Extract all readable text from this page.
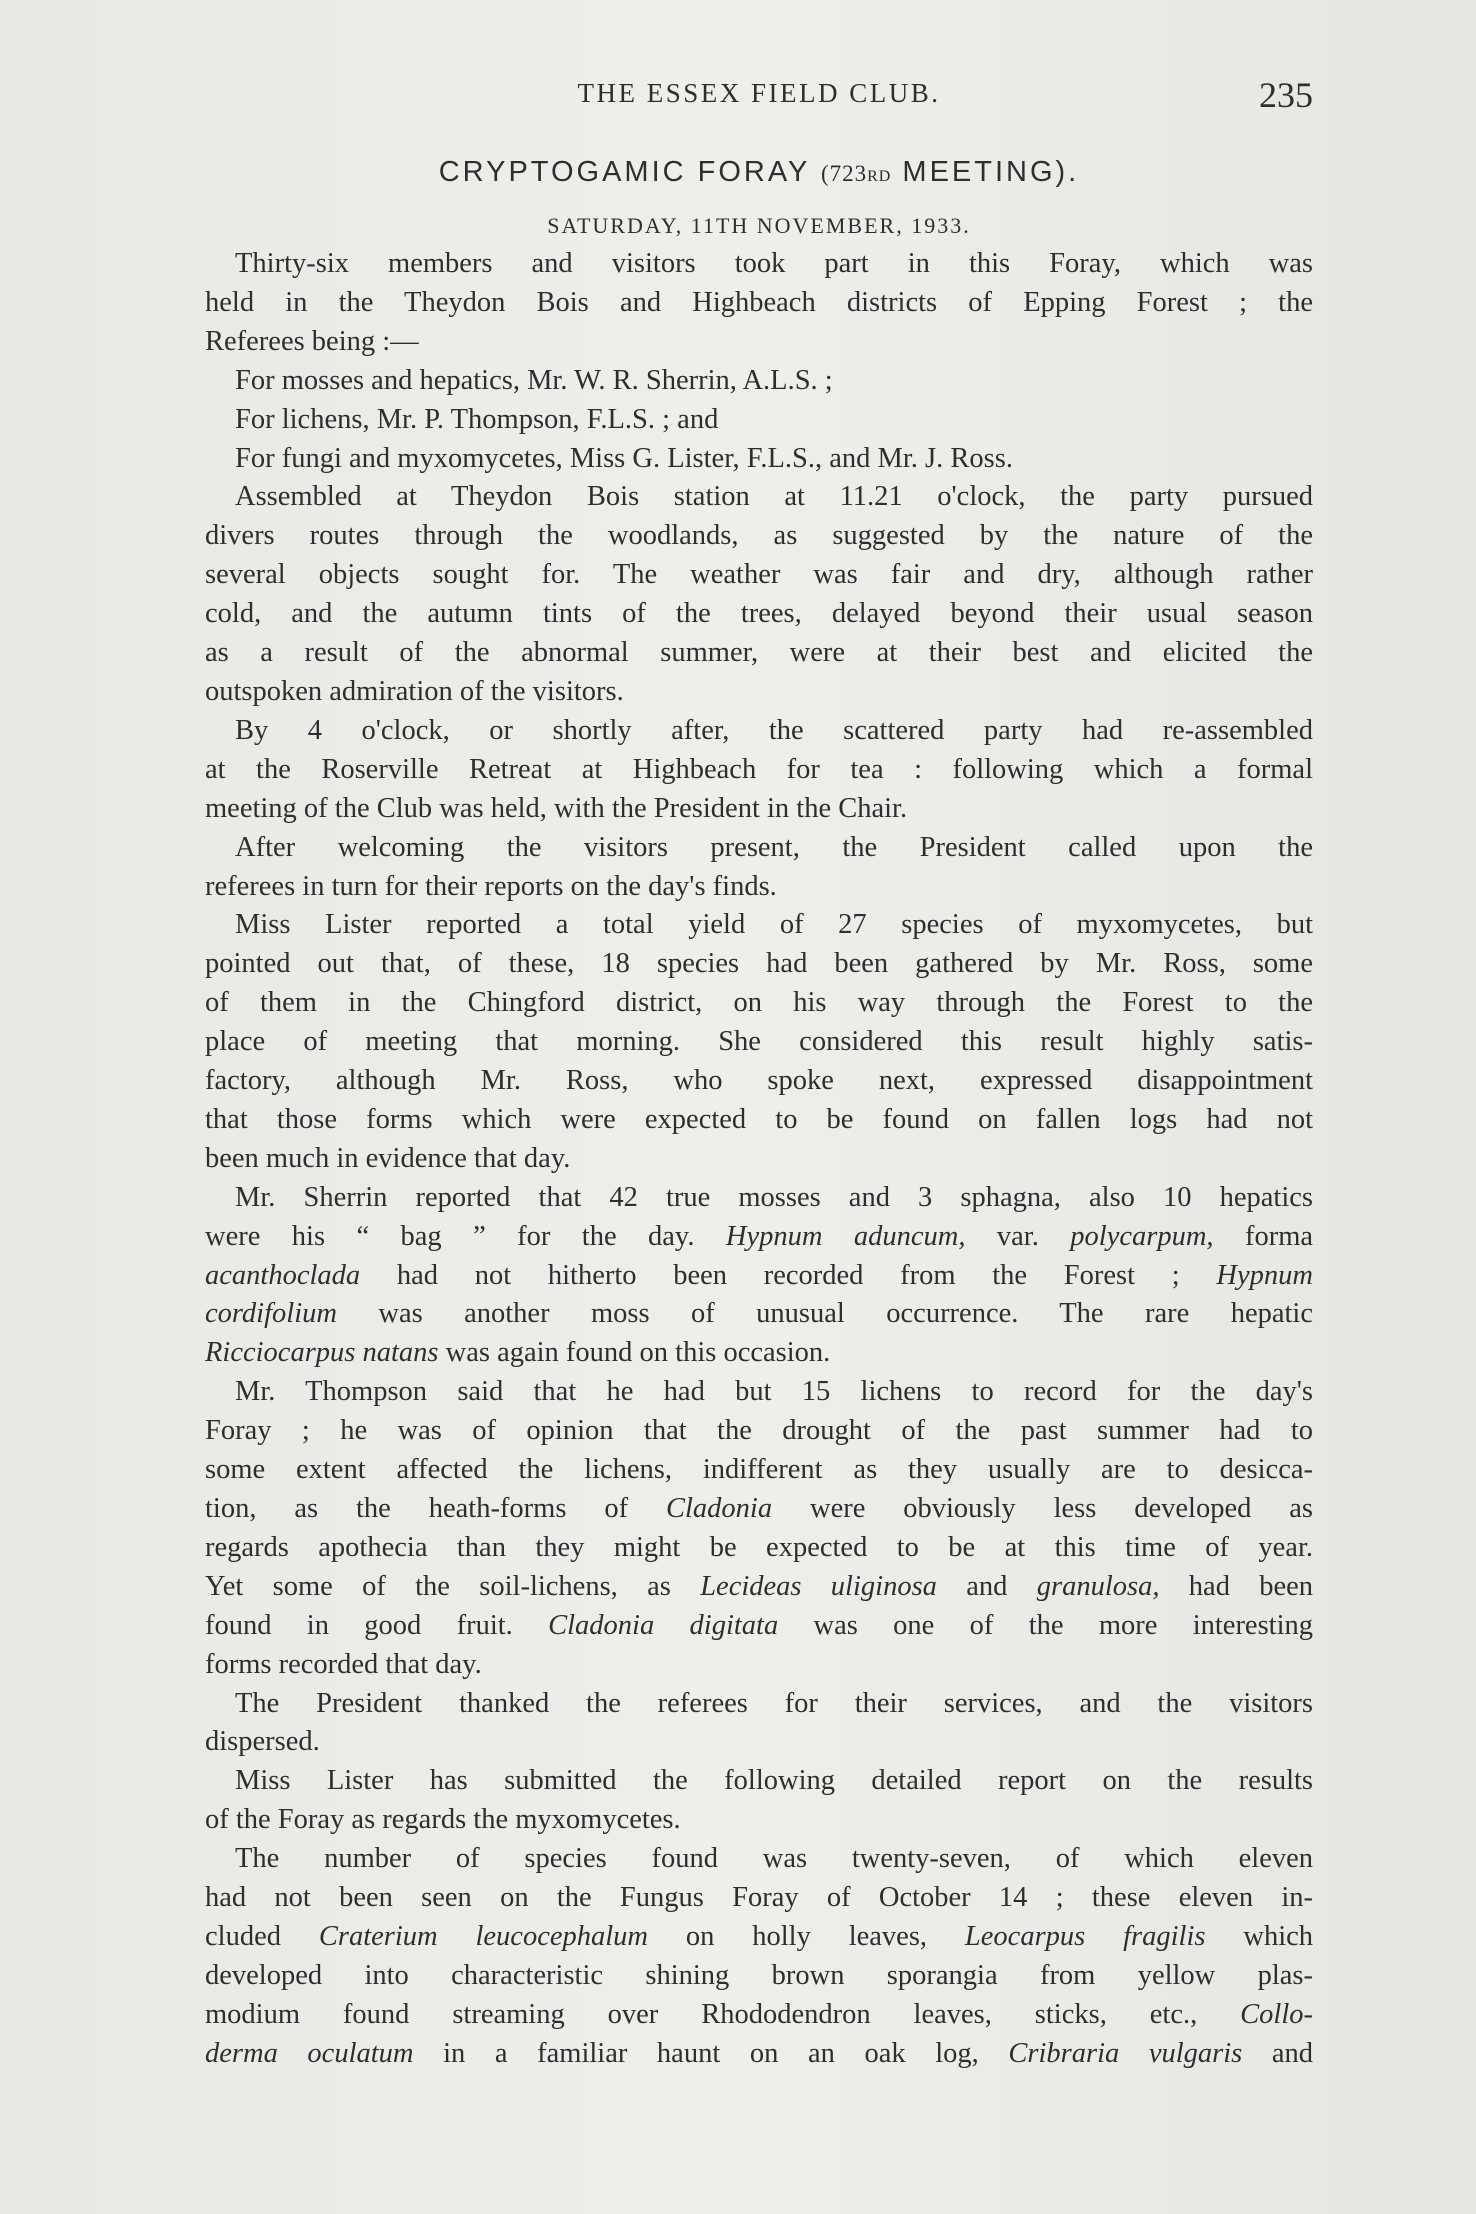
THE ESSEX FIELD CLUB.	235
CRYPTOGAMIC FORAY (723RD MEETING).
SATURDAY, 11TH NOVEMBER, 1933.
Thirty-six members and visitors took part in this Foray, which was
held in the Theydon Bois and Highbeach districts of Epping Forest ; the
Referees being :—
For mosses and hepatics, Mr. W. R. Sherrin, A.L.S. ;
For lichens, Mr. P. Thompson, F.L.S. ; and
For fungi and myxomycetes, Miss G. Lister, F.L.S., and Mr. J. Ross.
Assembled at Theydon Bois station at 11.21 o'clock, the party pursued
divers routes through the woodlands, as suggested by the nature of the
several objects sought for. The weather was fair and dry, although rather
cold, and the autumn tints of the trees, delayed beyond their usual season
as a result of the abnormal summer, were at their best and elicited the
outspoken admiration of the visitors.
By 4 o'clock, or shortly after, the scattered party had re-assembled
at the Roserville Retreat at Highbeach for tea : following which a formal
meeting of the Club was held, with the President in the Chair.
After welcoming the visitors present, the President called upon the
referees in turn for their reports on the day's finds.
Miss Lister reported a total yield of 27 species of myxomycetes, but
pointed out that, of these, 18 species had been gathered by Mr. Ross, some
of them in the Chingford district, on his way through the Forest to the
place of meeting that morning. She considered this result highly satis-
factory, although Mr. Ross, who spoke next, expressed disappointment
that those forms which were expected to be found on fallen logs had not
been much in evidence that day.
Mr. Sherrin reported that 42 true mosses and 3 sphagna, also 10 hepatics
were his “ bag ” for the day. Hypnum aduncum, var. polycarpum, forma
acanthoclada had not hitherto been recorded from the Forest ; Hypnum
cordifolium was another moss of unusual occurrence. The rare hepatic
Ricciocarpus natans was again found on this occasion.
Mr. Thompson said that he had but 15 lichens to record for the day's
Foray ; he was of opinion that the drought of the past summer had to
some extent affected the lichens, indifferent as they usually are to desicca-
tion, as the heath-forms of Cladonia were obviously less developed as
regards apothecia than they might be expected to be at this time of year.
Yet some of the soil-lichens, as Lecideas uliginosa and granulosa, had been
found in good fruit. Cladonia digitata was one of the more interesting
forms recorded that day.
The President thanked the referees for their services, and the visitors
dispersed.
Miss Lister has submitted the following detailed report on the results
of the Foray as regards the myxomycetes.
The number of species found was twenty-seven, of which eleven
had not been seen on the Fungus Foray of October 14 ; these eleven in-
cluded Craterium leucocephalum on holly leaves, Leocarpus fragilis which
developed into characteristic shining brown sporangia from yellow plas-
modium found streaming over Rhododendron leaves, sticks, etc., Collo-
derma oculatum in a familiar haunt on an oak log, Cribraria vulgaris and
